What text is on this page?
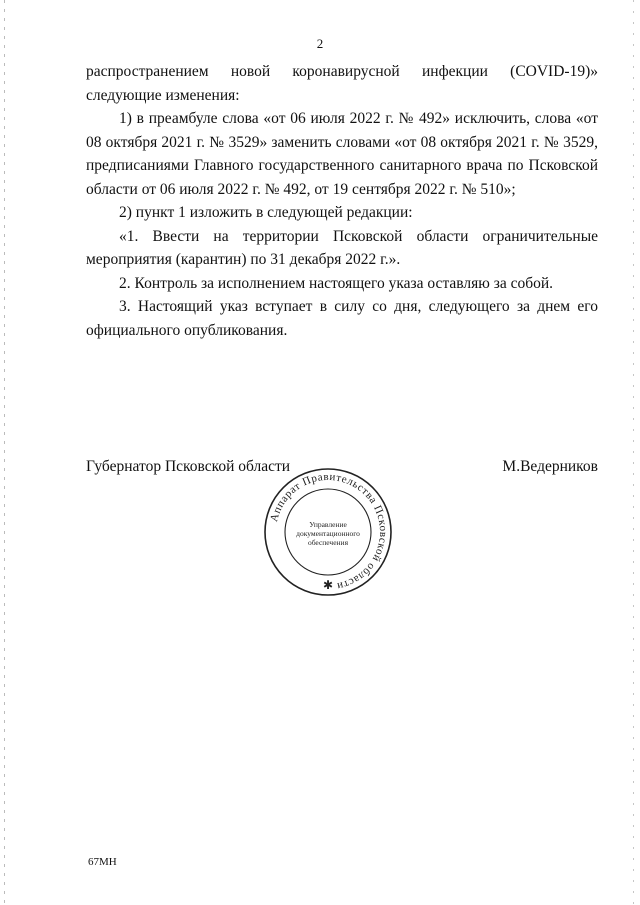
2

распространением новой коронавирусной инфекции (COVID-19)» следующие изменения:

1) в преамбуле слова «от 06 июля 2022 г. № 492» исключить, слова «от 08 октября 2021 г. № 3529» заменить словами «от 08 октября 2021 г. № 3529, предписаниями Главного государственного санитарного врача по Псковской области от 06 июля 2022 г. № 492, от 19 сентября 2022 г. № 510»;

2) пункт 1 изложить в следующей редакции:

«1. Ввести на территории Псковской области ограничительные мероприятия (карантин) по 31 декабря 2022 г.».

2. Контроль за исполнением настоящего указа оставляю за собой.

3. Настоящий указ вступает в силу со дня, следующего за днем его официального опубликования.

Губернатор Псковской области	М.Ведерников
Аппарат Правительства Псковской области
Управление
документационного
обеспечения
✱
67МН
